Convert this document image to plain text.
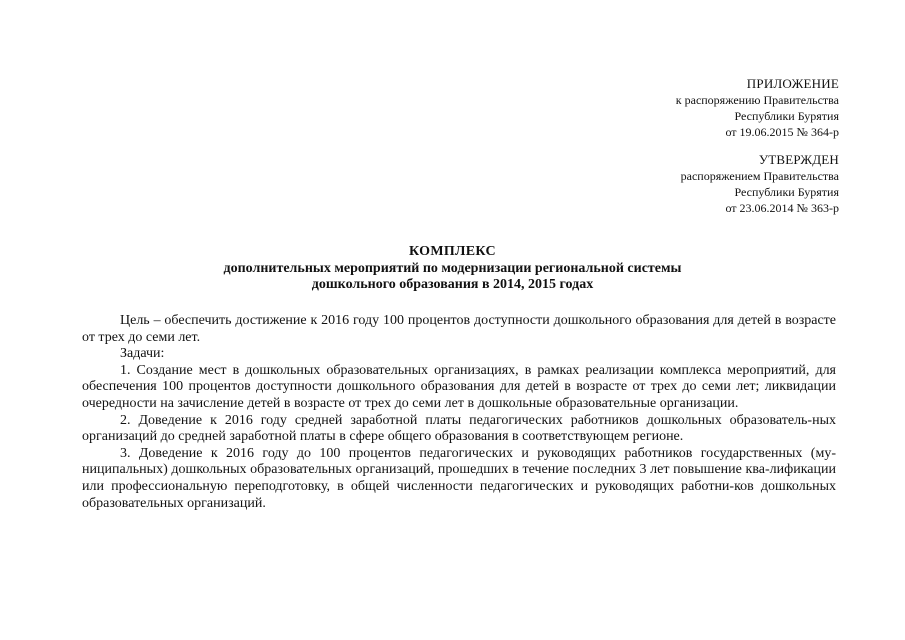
ПРИЛОЖЕНИЕ
к распоряжению Правительства
Республики Бурятия
от 19.06.2015 № 364-р
УТВЕРЖДЕН
распоряжением Правительства
Республики Бурятия
от 23.06.2014 № 363-р
КОМПЛЕКС
дополнительных мероприятий по модернизации региональной системы
дошкольного образования в 2014, 2015 годах

Цель – обеспечить достижение к 2016 году 100 процентов доступности дошкольного образования для детей в возрасте от трех до семи лет.

Задачи:

1. Создание мест в дошкольных образовательных организациях, в рамках реализации комплекса мероприятий, для обеспечения 100 процентов доступности дошкольного образования для детей в возрасте от трех до семи лет; ликвидации очередности на зачисление детей в возрасте от трех до семи лет в дошкольные образовательные организации.

2. Доведение к 2016 году средней заработной платы педагогических работников дошкольных образователь-ных организаций до средней заработной платы в сфере общего образования в соответствующем регионе.

3. Доведение к 2016 году до 100 процентов педагогических и руководящих работников государственных (му-ниципальных) дошкольных образовательных организаций, прошедших в течение последних 3 лет повышение ква-лификации или профессиональную переподготовку, в общей численности педагогических и руководящих работни-ков дошкольных образовательных организаций.
